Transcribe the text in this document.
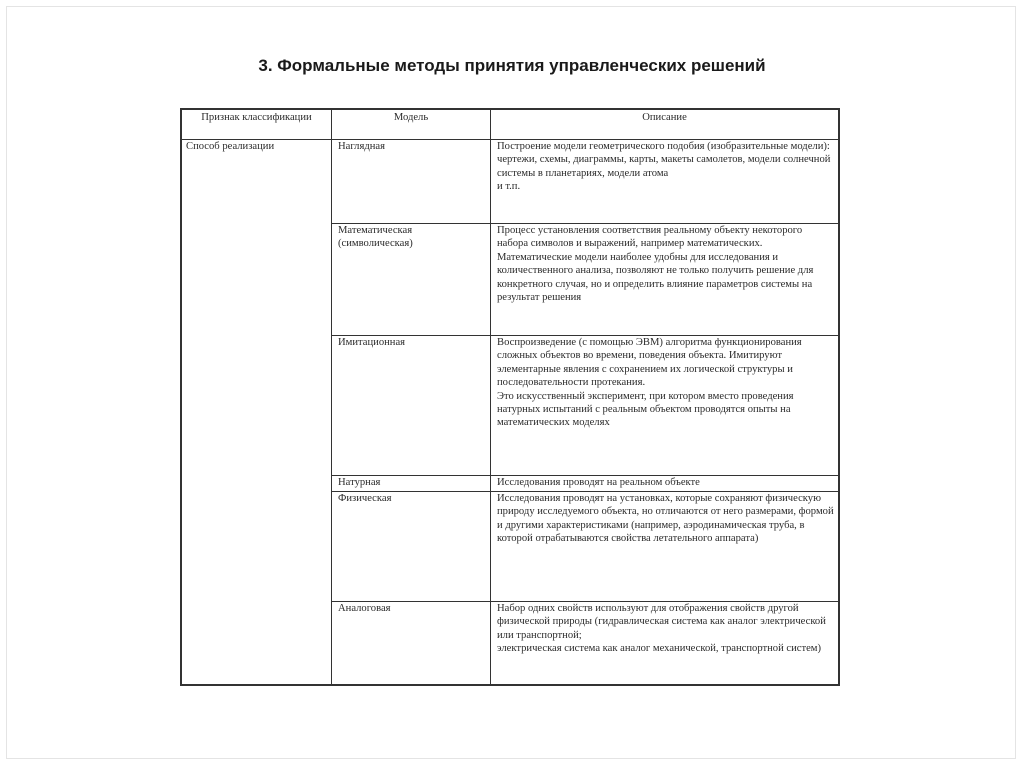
3. Формальные методы принятия управленческих решений
Признак классификации	Модель	Описание
Способ реализации	Наглядная	Построение модели геометрического подобия (изобразительные модели): чертежи, схемы, диаграммы, карты, макеты самолетов, модели солнечной системы в планетариях, модели атома
и т.п.
	Математическая (символическая)	Процесс установления соответствия реальному объекту некоторого набора символов и выражений, например математических. Математические модели наиболее удобны для исследования и количественного анализа, позволяют не только получить решение для конкретного случая, но и определить влияние параметров системы на результат решения
	Имитационная	Воспроизведение (с помощью ЭВМ) алгоритма функционирования сложных объектов во времени, поведения объекта. Имитируют элементарные явления с сохранением их логической структуры и последовательности протекания.
Это искусственный эксперимент, при котором вместо проведения натурных испытаний с реальным объектом проводятся опыты на математических моделях
	Натурная	Исследования проводят на реальном объекте
	Физическая	Исследования проводят на установках, которые сохраняют физическую природу исследуемого объекта, но отличаются от него размерами, формой и другими характеристиками (например, аэродинамическая труба, в которой отрабатываются свойства летательного аппарата)
	Аналоговая	Набор одних свойств используют для отображения свойств другой физической природы (гидравлическая система как аналог электрической или транспортной;
электрическая система как аналог механической, транспортной систем)
